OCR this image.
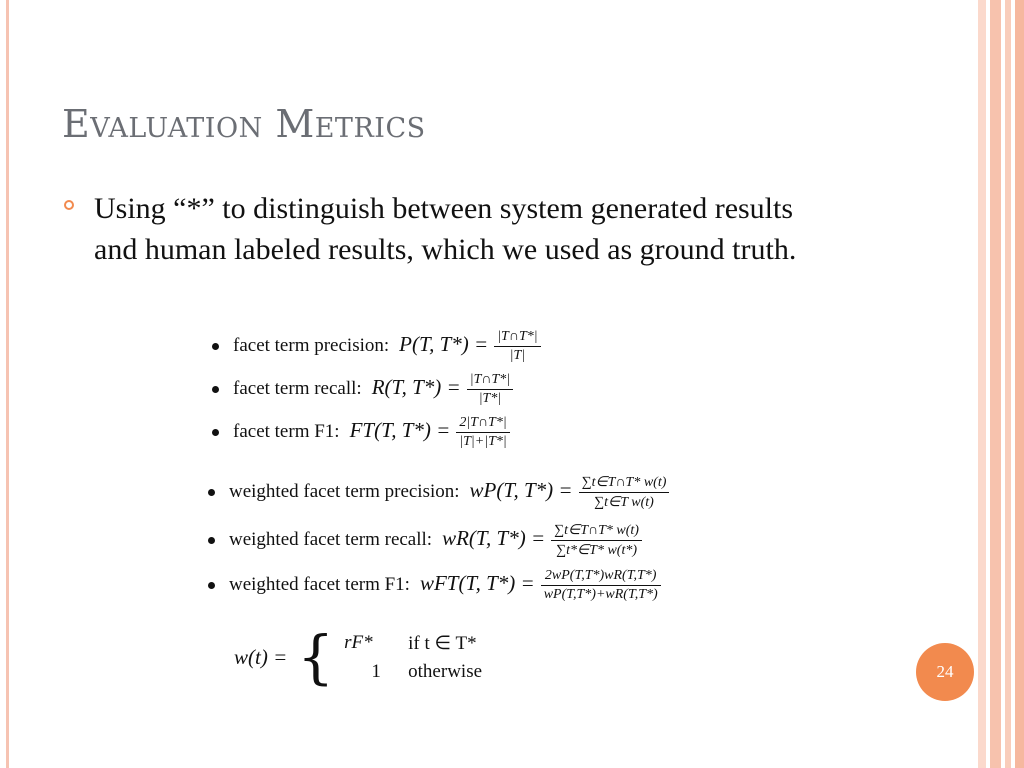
Evaluation Metrics
Using “*” to distinguish between system generated results and human labeled results, which we used as ground truth.
facet term precision: P(T, $T*) = \frac{|T\cap T*|}{|T|}$
facet term recall: R(T, $T*) = \frac{|T\cap T*|}{|T*|}$
facet term F1: FT(T, $T*) = \frac{2|T\cap T*|}{|T|+|T*|}$
weighted facet term precision: wP(T, $T*) = \frac{\sum t\in T\cap T* w(t)}{\text{∑t∈T w(t)}}$
weighted facet term recall: wR(T, $T*) = \frac{\sum t\in T\cap T* w(t)}{\sum t*\in T* w(t*)}$
weighted facet term F1: wFT(T, $T*) = \frac{2wP(T,T*)wR(T,T*)}{wP(T,T*)+wR(T,T*)}$
w(t) = { rF*	if t ∈ T*
1	otherwise	24
